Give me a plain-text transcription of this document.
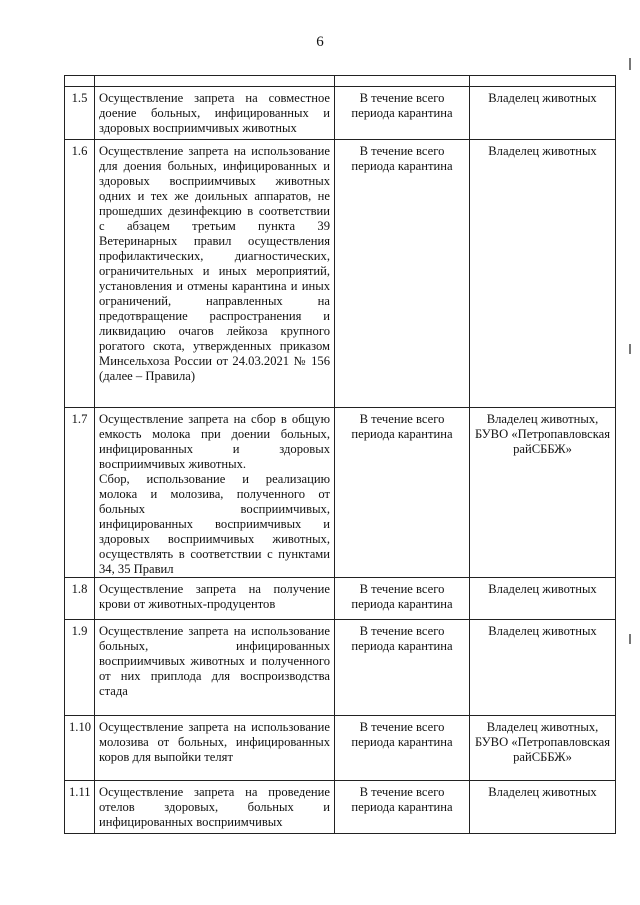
6

1.5	Осуществление запрета на совместное доение больных, инфицированных и здоровых восприимчивых животных	В течение всего периода карантина	Владелец животных
1.6	Осуществление запрета на использование для доения больных, инфицированных и здоровых восприимчивых животных одних и тех же доильных аппаратов, не прошедших дезинфекцию в соответствии с абзацем третьим пункта 39 Ветеринарных правил осуществления профилактических, диагностических, ограничительных и иных мероприятий, установления и отмены карантина и иных ограничений, направленных на предотвращение распространения и ликвидацию очагов лейкоза крупного рогатого скота, утвержденных приказом Минсельхоза России от 24.03.2021 № 156 (далее – Правила)	В течение всего периода карантина	Владелец животных
1.7	Осуществление запрета на сбор в общую емкость молока при доении больных, инфицированных и здоровых восприимчивых животных.
Сбор, использование и реализацию молока и молозива, полученного от больных восприимчивых, инфицированных восприимчивых и здоровых восприимчивых животных, осуществлять в соответствии с пунктами 34, 35 Правил	В течение всего периода карантина	Владелец животных, БУВО «Петропавловская райСББЖ»
1.8	Осуществление запрета на получение крови от животных-продуцентов	В течение всего периода карантина	Владелец животных
1.9	Осуществление запрета на использование больных, инфицированных восприимчивых животных и полученного от них приплода для воспроизводства стада	В течение всего периода карантина	Владелец животных
1.10	Осуществление запрета на использование молозива от больных, инфицированных коров для выпойки телят	В течение всего периода карантина	Владелец животных, БУВО «Петропавловская райСББЖ»
1.11	Осуществление запрета на проведение отелов здоровых, больных и инфицированных восприимчивых	В течение всего периода карантина	Владелец животных
